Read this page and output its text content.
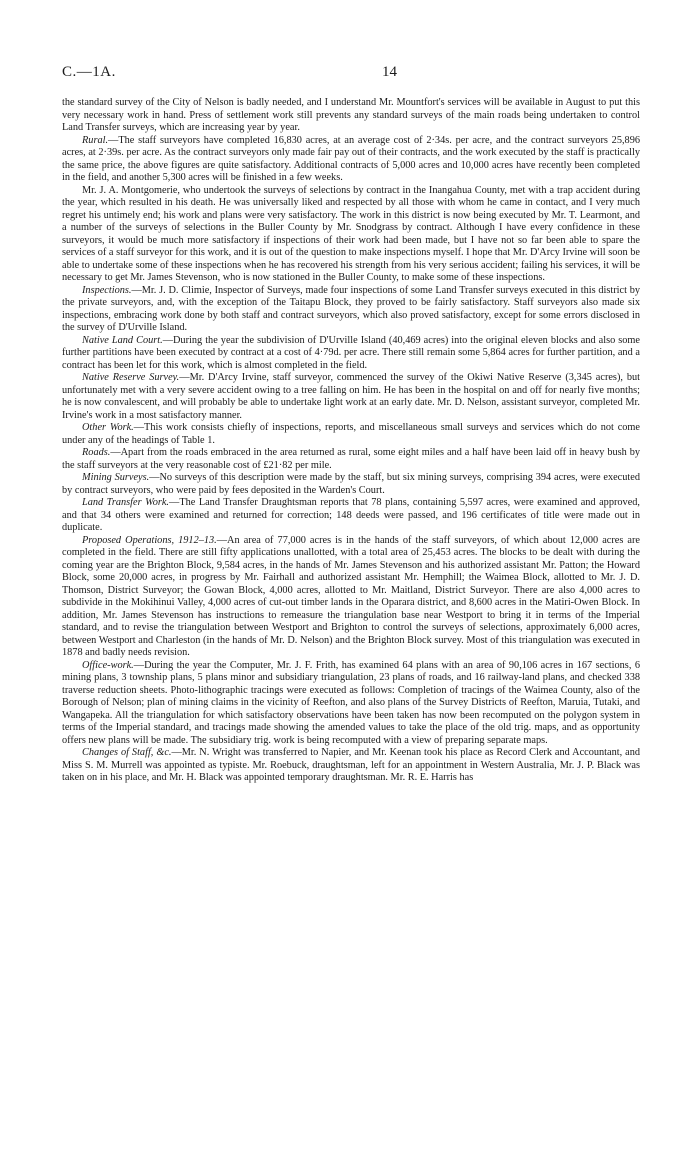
C.—1A.	14

the standard survey of the City of Nelson is badly needed, and I understand Mr. Mountfort's services will be available in August to put this very necessary work in hand. Press of settlement work still prevents any standard surveys of the main roads being undertaken to control Land Transfer surveys, which are increasing year by year.

Rural.—The staff surveyors have completed 16,830 acres, at an average cost of 2·34s. per acre, and the contract surveyors 25,896 acres, at 2·39s. per acre. As the contract surveyors only made fair pay out of their contracts, and the work executed by the staff is practically the same price, the above figures are quite satisfactory. Additional contracts of 5,000 acres and 10,000 acres have recently been completed in the field, and another 5,300 acres will be finished in a few weeks.

Mr. J. A. Montgomerie, who undertook the surveys of selections by contract in the Inangahua County, met with a trap accident during the year, which resulted in his death. He was universally liked and respected by all those with whom he came in contact, and I very much regret his untimely end; his work and plans were very satisfactory. The work in this district is now being executed by Mr. T. Learmont, and a number of the surveys of selections in the Buller County by Mr. Snodgrass by contract. Although I have every confidence in these surveyors, it would be much more satisfactory if inspections of their work had been made, but I have not so far been able to spare the services of a staff surveyor for this work, and it is out of the question to make inspections myself. I hope that Mr. D'Arcy Irvine will soon be able to undertake some of these inspections when he has recovered his strength from his very serious accident; failing his services, it will be necessary to get Mr. James Stevenson, who is now stationed in the Buller County, to make some of these inspections.

Inspections.—Mr. J. D. Climie, Inspector of Surveys, made four inspections of some Land Transfer surveys executed in this district by the private surveyors, and, with the exception of the Taitapu Block, they proved to be fairly satisfactory. Staff surveyors also made six inspections, embracing work done by both staff and contract surveyors, which also proved satisfactory, except for some errors disclosed in the survey of D'Urville Island.

Native Land Court.—During the year the subdivision of D'Urville Island (40,469 acres) into the original eleven blocks and also some further partitions have been executed by contract at a cost of 4·79d. per acre. There still remain some 5,864 acres for further partition, and a contract has been let for this work, which is almost completed in the field.

Native Reserve Survey.—Mr. D'Arcy Irvine, staff surveyor, commenced the survey of the Okiwi Native Reserve (3,345 acres), but unfortunately met with a very severe accident owing to a tree falling on him. He has been in the hospital on and off for nearly five months; he is now convalescent, and will probably be able to undertake light work at an early date. Mr. D. Nelson, assistant surveyor, completed Mr. Irvine's work in a most satisfactory manner.

Other Work.—This work consists chiefly of inspections, reports, and miscellaneous small surveys and services which do not come under any of the headings of Table 1.

Roads.—Apart from the roads embraced in the area returned as rural, some eight miles and a half have been laid off in heavy bush by the staff surveyors at the very reasonable cost of £21·82 per mile.

Mining Surveys.—No surveys of this description were made by the staff, but six mining surveys, comprising 394 acres, were executed by contract surveyors, who were paid by fees deposited in the Warden's Court.

Land Transfer Work.—The Land Transfer Draughtsman reports that 78 plans, containing 5,597 acres, were examined and approved, and that 34 others were examined and returned for correction; 148 deeds were passed, and 196 certificates of title were made out in duplicate.

Proposed Operations, 1912–13.—An area of 77,000 acres is in the hands of the staff surveyors, of which about 12,000 acres are completed in the field. There are still fifty applications unallotted, with a total area of 25,453 acres. The blocks to be dealt with during the coming year are the Brighton Block, 9,584 acres, in the hands of Mr. James Stevenson and his authorized assistant Mr. Patton; the Howard Block, some 20,000 acres, in progress by Mr. Fairhall and authorized assistant Mr. Hemphill; the Waimea Block, allotted to Mr. J. D. Thomson, District Surveyor; the Gowan Block, 4,000 acres, allotted to Mr. Maitland, District Surveyor. There are also 4,000 acres to subdivide in the Mokihinui Valley, 4,000 acres of cut-out timber lands in the Oparara district, and 8,600 acres in the Matiri-Owen Block. In addition, Mr. James Stevenson has instructions to remeasure the triangulation base near Westport to bring it in terms of the Imperial standard, and to revise the triangulation between Westport and Brighton to control the surveys of selections, approximately 6,000 acres, between Westport and Charleston (in the hands of Mr. D. Nelson) and the Brighton Block survey. Most of this triangulation was executed in 1878 and badly needs revision.

Office-work.—During the year the Computer, Mr. J. F. Frith, has examined 64 plans with an area of 90,106 acres in 167 sections, 6 mining plans, 3 township plans, 5 plans minor and subsidiary triangulation, 23 plans of roads, and 16 railway-land plans, and checked 338 traverse reduction sheets. Photo-lithographic tracings were executed as follows: Completion of tracings of the Waimea County, also of the Borough of Nelson; plan of mining claims in the vicinity of Reefton, and also plans of the Survey Districts of Reefton, Maruia, Tutaki, and Wangapeka. All the triangulation for which satisfactory observations have been taken has now been recomputed on the polygon system in terms of the Imperial standard, and tracings made showing the amended values to take the place of the old trig. maps, and as opportunity offers new plans will be made. The subsidiary trig. work is being recomputed with a view of preparing separate maps.

Changes of Staff, &c.—Mr. N. Wright was transferred to Napier, and Mr. Keenan took his place as Record Clerk and Accountant, and Miss S. M. Murrell was appointed as typiste. Mr. Roebuck, draughtsman, left for an appointment in Western Australia, Mr. J. P. Black was taken on in his place, and Mr. H. Black was appointed temporary draughtsman. Mr. R. E. Harris has
